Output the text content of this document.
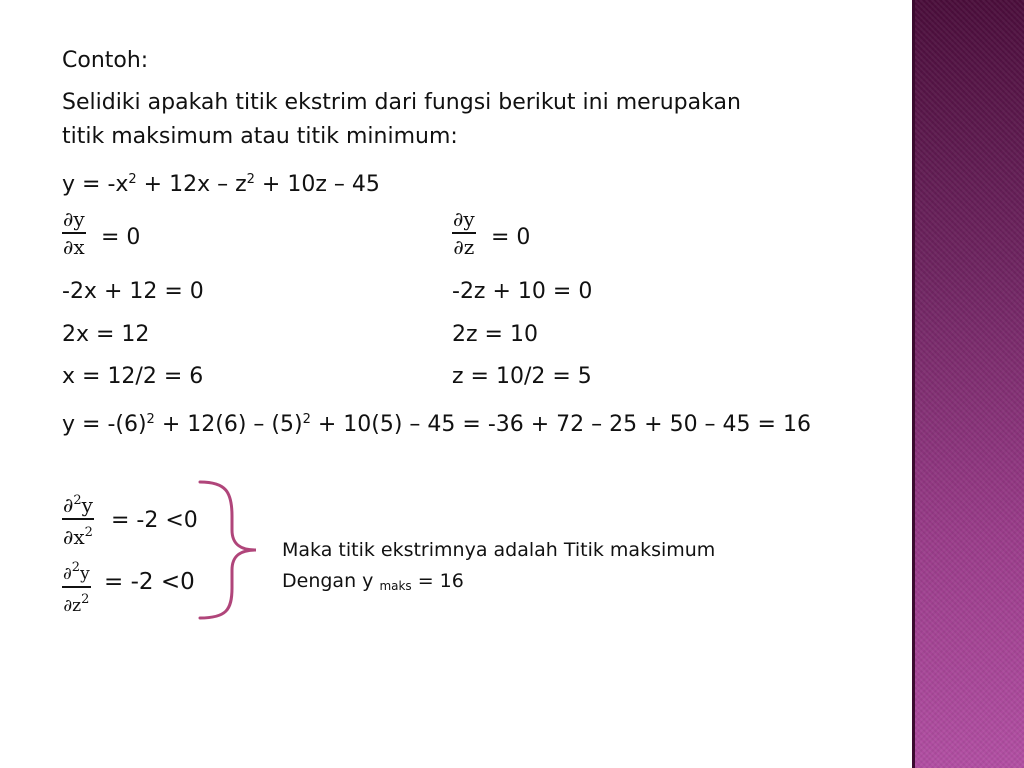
Contoh:
Selidiki apakah titik ekstrim dari fungsi berikut ini merupakan
titik maksimum atau titik minimum:
$y = -x^2 + 12x - z^2 + 10z - 45$
∂y
∂x = 0
∂y
∂z = 0
-2x + 12 = 0
2x = 12
x = 12/2 = 6
-2z + 10 = 0
2z = 10
z = 10/2 = 5
$y = -(6)^2 + 12(6) - (5)^2 + 10(5) - 45 = -36 + 72 - 25 + 50 - 45 = 16$
∂$^2$y
$\partial x^2 = -2 <0$
∂$^2$y
$\partial z^2$
= -2 <0
Maka titik ekstrimnya adalah Titik maksimum
Dengan y $_{maks}$ = 16
